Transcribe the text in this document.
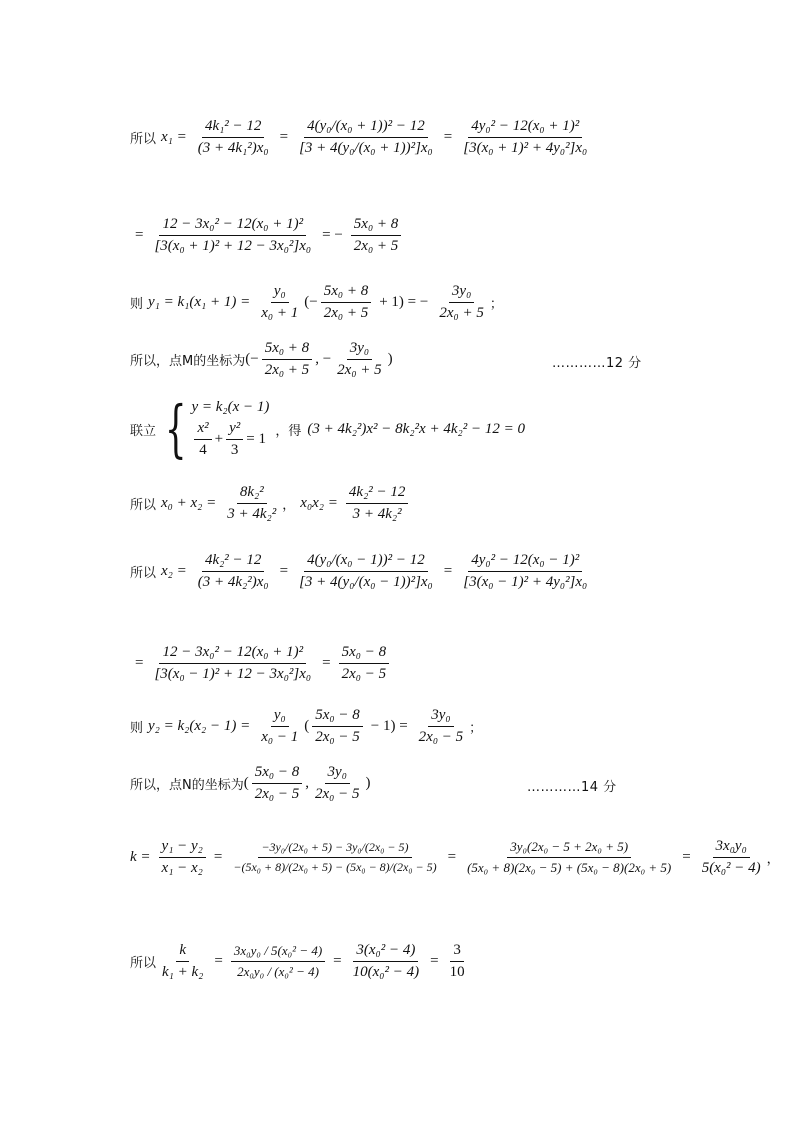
所以 $x_1 = \frac{\text{4k₁² − 12}}{\text{(3 + 4k₁²)x₀}} = \frac{\text{4(y₀/(x₀ + 1))² − 12}}{\text{[3 + 4(y₀/(x₀ + 1))²]x₀}} = \frac{\text{4y₀² − 12(x₀ + 1)²}}{\text{[3(x₀ + 1)² + 4y₀²]x₀}}$
= $\frac{\text{12 − 3x₀² − 12(x₀ + 1)²}}{\text{[3(x₀ + 1)² + 12 − 3x₀²]x₀}}$ = − $\frac{\text{5x₀ + 8}}{\text{2x₀ + 5}}$
则 $y_1 = k_1(x_1 + 1) = \frac{\text{y₀}}{\text{x₀ + 1}}$ (− $\frac{\text{5x₀ + 8}}{\text{2x₀ + 5}} + 1$) = − $\frac{\text{3y₀}}{\text{2x₀ + 5}}$ ；
所以，点M的坐标为 (− $\frac{\text{5x₀ + 8}}{\text{2x₀ + 5}}$ , − $\frac{\text{3y₀}}{\text{2x₀ + 5}}$ )	…………12 分
联立 { y = k₂(x − 1)
$\frac{\text{x²}}{4} + \frac{\text{y²}}{3} = 1$ ，得 (3 + 4k₂²)x² − 8k₂²x + 4k₂² − 12 = 0
所以 $x_0 + x_2 = \frac{\text{8k₂²}}{\text{3 + 4k₂²}}$ ， $x_0x_2 = \frac{\text{4k₂² − 12}}{\text{3 + 4k₂²}}$
所以 $x_2 = \frac{\text{4k₂² − 12}}{\text{(3 + 4k₂²)x₀}} = \frac{\text{4(y₀/(x₀ − 1))² − 12}}{\text{[3 + 4(y₀/(x₀ − 1))²]x₀}} = \frac{\text{4y₀² − 12(x₀ − 1)²}}{\text{[3(x₀ − 1)² + 4y₀²]x₀}}$
= $\frac{\text{12 − 3x₀² − 12(x₀ + 1)²}}{\text{[3(x₀ − 1)² + 12 − 3x₀²]x₀}} = \frac{\text{5x₀ − 8}}{\text{2x₀ − 5}}$
则 $y_2 = k_2(x_2 - 1) = \frac{\text{y₀}}{\text{x₀ − 1}}$ ( $\frac{\text{5x₀ − 8}}{\text{2x₀ − 5}} - 1) = \frac{\text{3y₀}}{\text{2x₀ − 5}}$ ；
所以，点N的坐标为 ( $\frac{\text{5x₀ − 8}}{\text{2x₀ − 5}}$ , $\frac{\text{3y₀}}{\text{2x₀ − 5}}$ )	…………14 分
$k = \frac{\text{y₁ − y₂}}{\text{x₁ − x₂}} = \frac{\text{−3y₀/(2x₀ + 5) − 3y₀/(2x₀ − 5)}}{\text{−(5x₀ + 8)/(2x₀ + 5) − (5x₀ − 8)/(2x₀ − 5)}} = \frac{\text{3y₀(2x₀ − 5 + 2x₀ + 5)}}{\text{(5x₀ + 8)(2x₀ − 5) + (5x₀ − 8)(2x₀ + 5)}} = \frac{\text{3x₀y₀}}{\text{5(x₀² − 4)}}$ ，
所以 $\frac{k}{\text{k₁ + k₂}} = \frac{\text{3x₀y₀ / 5(x₀² − 4)}}{\text{2x₀y₀ / (x₀² − 4)}} = \frac{\text{3(x₀² − 4)}}{\text{10(x₀² − 4)}} = \frac{3}{10}$
